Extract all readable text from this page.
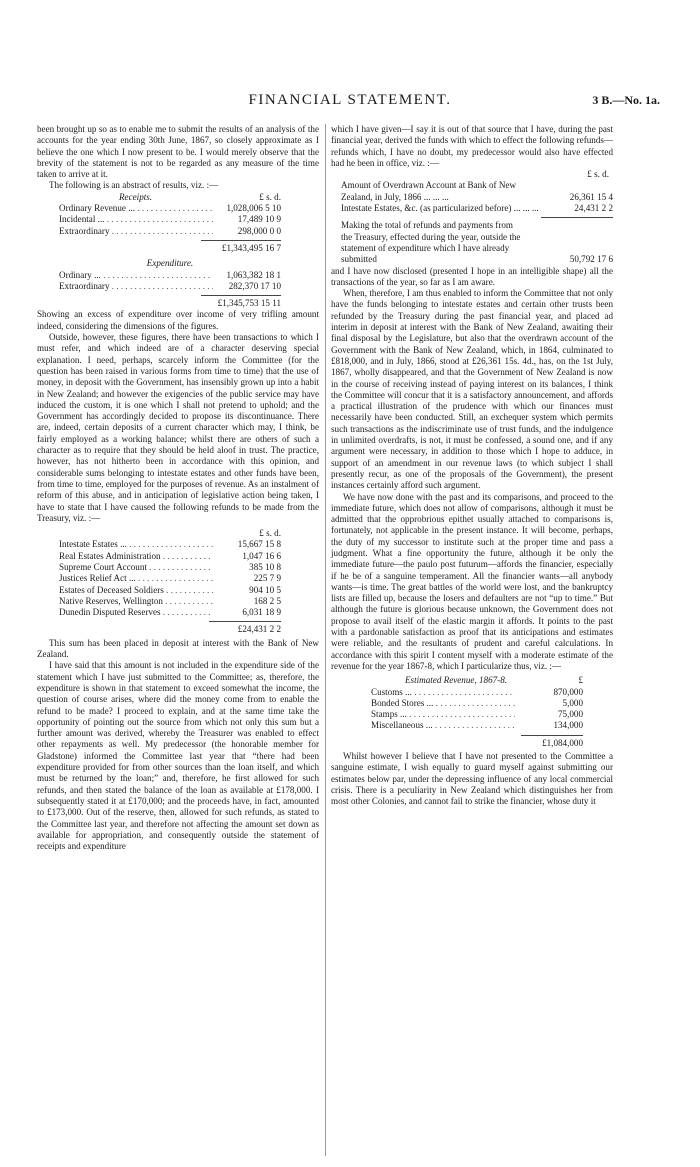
FINANCIAL STATEMENT.	3 B.—No. 1a.

been brought up so as to enable me to submit the results of an analysis of the accounts for the year ending 30th June, 1867, so closely approximate as I believe the one which I now present to be. I would merely observe that the brevity of the statement is not to be regarded as any measure of the time taken to arrive at it.

The following is an abstract of results, viz. :—

Receipts.	£ s. d.
Ordinary Revenue ... . . .	1,028,006 5 10
Incidental ... . . .	17,489 10 9
Extraordinary . . .	298,000 0 0
£1,343,495 16 7
Expenditure.
Ordinary ... . . .	1,063,382 18 1
Extraordinary . . .	282,370 17 10
£1,345,753 15 11

Showing an excess of expenditure over income of very trifling amount indeed, considering the dimensions of the figures.

Outside, however, these figures, there have been transactions to which I must refer, and which indeed are of a character deserving special explanation. I need, perhaps, scarcely inform the Committee (for the question has been raised in various forms from time to time) that the use of money, in deposit with the Government, has insensibly grown up into a habit in New Zealand; and however the exigencies of the public service may have induced the custom, it is one which I shall not pretend to uphold; and the Government has accordingly decided to propose its discontinuance. There are, indeed, certain deposits of a current character which may, I think, be fairly employed as a working balance; whilst there are others of such a character as to require that they should be held aloof in trust. The practice, however, has not hitherto been in accordance with this opinion, and considerable sums belonging to intestate estates and other funds have been, from time to time, employed for the purposes of revenue. As an instalment of reform of this abuse, and in anticipation of legislative action being taken, I have to state that I have caused the following refunds to be made from the Treasury, viz. :—

£ s. d.
Intestate Estates ... . . .	15,667 15 8
Real Estates Administration . . .	1,047 16 6
Supreme Court Account . . .	385 10 8
Justices Relief Act ... . . .	225 7 9
Estates of Deceased Soldiers . . .	904 10 5
Native Reserves, Wellington . . .	168 2 5
Dunedin Disputed Reserves . . .	6,031 18 9
£24,431 2 2

This sum has been placed in deposit at interest with the Bank of New Zealand.

I have said that this amount is not included in the expenditure side of the statement which I have just submitted to the Committee; as, therefore, the expenditure is shown in that statement to exceed somewhat the income, the question of course arises, where did the money come from to enable the refund to be made? I proceed to explain, and at the same time take the opportunity of pointing out the source from which not only this sum but a further amount was derived, whereby the Treasurer was enabled to effect other repayments as well. My predecessor (the honorable member for Gladstone) informed the Committee last year that “there had been expenditure provided for from other sources than the loan itself, and which must be returned by the loan;” and, therefore, he first allowed for such refunds, and then stated the balance of the loan as available at £178,000. I subsequently stated it at £170,000; and the proceeds have, in fact, amounted to £173,000. Out of the reserve, then, allowed for such refunds, as stated to the Committee last year, and therefore not affecting the amount set down as available for appropriation, and consequently outside the statement of receipts and expenditure

which I have given—I say it is out of that source that I have, during the past financial year, derived the funds with which to effect the following refunds—refunds which, I have no doubt, my predecessor would also have effected had he been in office, viz. :—

£ s. d.
Amount of Overdrawn Account at Bank of New Zealand, in July, 1866 ... ... ...	26,361 15 4
Intestate Estates, &c. (as particularized before) ... ... ...	24,431 2 2
Making the total of refunds and payments from the Treasury, effected during the year, outside the statement of expenditure which I have already submitted	50,792 17 6

and I have now disclosed (presented I hope in an intelligible shape) all the transactions of the year, so far as I am aware.

When, therefore, I am thus enabled to inform the Committee that not only have the funds belonging to intestate estates and certain other trusts been refunded by the Treasury during the past financial year, and placed ad interim in deposit at interest with the Bank of New Zealand, awaiting their final disposal by the Legislature, but also that the overdrawn account of the Government with the Bank of New Zealand, which, in 1864, culminated to £818,000, and in July, 1866, stood at £26,361 15s. 4d., has, on the 1st July, 1867, wholly disappeared, and that the Government of New Zealand is now in the course of receiving instead of paying interest on its balances, I think the Committee will concur that it is a satisfactory announcement, and affords a practical illustration of the prudence with which our finances must necessarily have been conducted. Still, an exchequer system which permits such transactions as the indiscriminate use of trust funds, and the indulgence in unlimited overdrafts, is not, it must be confessed, a sound one, and if any argument were necessary, in addition to those which I hope to adduce, in support of an amendment in our revenue laws (to which subject I shall presently recur, as one of the proposals of the Government), the present instances certainly afford such argument.

We have now done with the past and its comparisons, and proceed to the immediate future, which does not allow of comparisons, although it must be admitted that the opprobrious epithet usually attached to comparisons is, fortunately, not applicable in the present instance. It will become, perhaps, the duty of my successor to institute such at the proper time and pass a judgment. What a fine opportunity the future, although it be only the immediate future—the paulo post futurum—affords the financier, especially if he be of a sanguine temperament. All the financier wants—all anybody wants—is time. The great battles of the world were lost, and the bankruptcy lists are filled up, because the losers and defaulters are not “up to time.” But although the future is glorious because unknown, the Government does not propose to avail itself of the elastic margin it affords. It points to the past with a pardonable satisfaction as proof that its anticipations and estimates were reliable, and the resultants of prudent and careful calculations. In accordance with this spirit I content myself with a moderate estimate of the revenue for the year 1867-8, which I particularize thus, viz. :—

Estimated Revenue, 1867-8.	£
Customs ... . . .	870,000
Bonded Stores ... . . .	5,000
Stamps ... . . .	75,000
Miscellaneous ... . . .	134,000
£1,084,000

Whilst however I believe that I have not presented to the Committee a sanguine estimate, I wish equally to guard myself against submitting our estimates below par, under the depressing influence of any local commercial crisis. There is a peculiarity in New Zealand which distinguishes her from most other Colonies, and cannot fail to strike the financier, whose duty it
